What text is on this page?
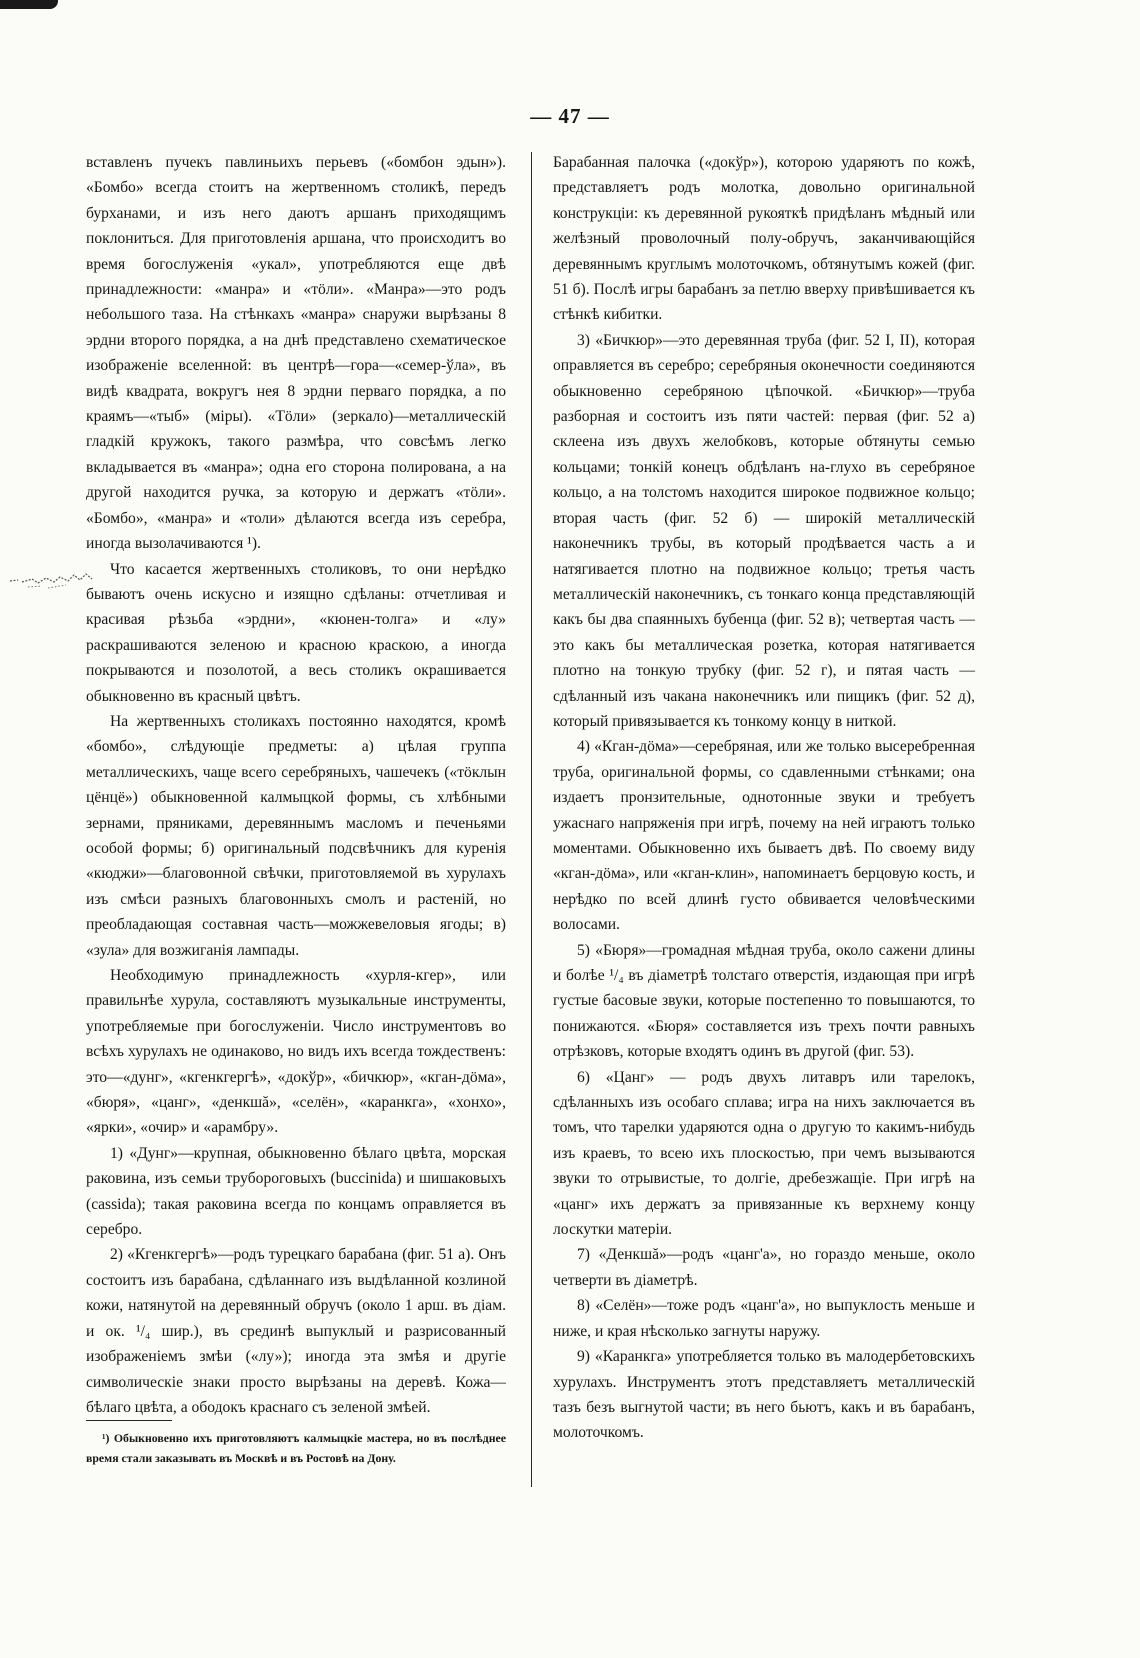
— 47 —

вставленъ пучекъ павлиньихъ перьевъ («бомбон эдын»). «Бомбо» всегда стоитъ на жертвенномъ столикѣ, передъ бурханами, и изъ него даютъ аршанъ приходящимъ поклониться. Для приготовленія аршана, что происходитъ во время богослуженія «укал», употребляются еще двѣ принадлежности: «манра» и «тöли». «Манра»—это родъ небольшого таза. На стѣнкахъ «манра» снаружи вырѣзаны 8 эрдни второго порядка, а на днѣ представлено схематическое изображеніе вселенной: въ центрѣ—гора—«семер-ўла», въ видѣ квадрата, вокругъ нея 8 эрдни перваго порядка, а по краямъ—«тыб» (міры). «Тöли» (зеркало)—металлическій гладкій кружокъ, такого размѣра, что совсѣмъ легко вкладывается въ «манра»; одна его сторона полирована, а на другой находится ручка, за которую и держатъ «тöли». «Бомбо», «манра» и «толи» дѣлаются всегда изъ серебра, иногда вызолачиваются ¹).

Что касается жертвенныхъ столиковъ, то они нерѣдко бываютъ очень искусно и изящно сдѣланы: отчетливая и красивая рѣзьба «эрдни», «кюнен-толга» и «лу» раскрашиваются зеленою и красною краскою, а иногда покрываются и позолотой, а весь столикъ окрашивается обыкновенно въ красный цвѣтъ.

На жертвенныхъ столикахъ постоянно находятся, кромѣ «бомбо», слѣдующіе предметы: а) цѣлая группа металлическихъ, чаще всего серебряныхъ, чашечекъ («тöклын цёнцё») обыкновенной калмыцкой формы, съ хлѣбными зернами, пряниками, деревяннымъ масломъ и печеньями особой формы; б) оригинальный подсвѣчникъ для куренія «кюджи»—благовонной свѣчки, приготовляемой въ хурулахъ изъ смѣси разныхъ благовонныхъ смолъ и растеній, но преобладающая составная часть—можжевеловыя ягоды; в) «зула» для возжиганія лампады.

Необходимую принадлежность «хурля-кгер», или правильнѣе хурула, составляютъ музыкальные инструменты, употребляемые при богослуженіи. Число инструментовъ во всѣхъ хурулахъ не одинаково, но видъ ихъ всегда тождественъ: это—«дунг», «кгенкгергѣ», «докўр», «бичкюр», «кган-дöма», «бюря», «цанг», «денкшă», «селён», «каранкга», «хонхо», «ярки», «очир» и «арамбру».

1) «Дунг»—крупная, обыкновенно бѣлаго цвѣта, морская раковина, изъ семьи трубороговыхъ (buccinida) и шишаковыхъ (cassida); такая раковина всегда по концамъ оправляется въ серебро.

2) «Кгенкгергѣ»—родъ турецкаго барабана (фиг. 51 а). Онъ состоитъ изъ барабана, сдѣланнаго изъ выдѣланной козлиной кожи, натянутой на деревянный обручъ (около 1 арш. въ діам. и ок. ¹/₄ шир.), въ срединѣ выпуклый и разрисованный изображеніемъ змѣи («лу»); иногда эта змѣя и другіе символическіе знаки просто вырѣзаны на деревѣ. Кожа—бѣлаго цвѣта, а ободокъ краснаго съ зеленой змѣей.

Барабанная палочка («докўр»), которою ударяютъ по кожѣ, представляетъ родъ молотка, довольно оригинальной конструкціи: къ деревянной рукояткѣ придѣланъ мѣдный или желѣзный проволочный полу-обручъ, заканчивающійся деревяннымъ круглымъ молоточкомъ, обтянутымъ кожей (фиг. 51 б). Послѣ игры барабанъ за петлю вверху привѣшивается къ стѣнкѣ кибитки.

3) «Бичкюр»—это деревянная труба (фиг. 52 I, II), которая оправляется въ серебро; серебряныя оконечности соединяются обыкновенно серебряною цѣпочкой. «Бичкюр»—труба разборная и состоитъ изъ пяти частей: первая (фиг. 52 а) склеена изъ двухъ желобковъ, которые обтянуты семью кольцами; тонкій конецъ обдѣланъ на-глухо въ серебряное кольцо, а на толстомъ находится широкое подвижное кольцо; вторая часть (фиг. 52 б) — широкій металлическій наконечникъ трубы, въ который продѣвается часть а и натягивается плотно на подвижное кольцо; третья часть металлическій наконечникъ, съ тонкаго конца представляющій какъ бы два спаянныхъ бубенца (фиг. 52 в); четвертая часть — это какъ бы металлическая розетка, которая натягивается плотно на тонкую трубку (фиг. 52 г), и пятая часть — сдѣланный изъ чакана наконечникъ или пищикъ (фиг. 52 д), который привязывается къ тонкому концу в ниткой.

4) «Кган-дöма»—серебряная, или же только высеребренная труба, оригинальной формы, со сдавленными стѣнками; она издаетъ пронзительные, однотонные звуки и требуетъ ужаснаго напряженія при игрѣ, почему на ней играютъ только моментами. Обыкновенно ихъ бываетъ двѣ. По своему виду «кган-дöма», или «кган-клин», напоминаетъ берцовую кость, и нерѣдко по всей длинѣ густо обвивается человѣческими волосами.

5) «Бюря»—громадная мѣдная труба, около сажени длины и болѣе ¹/₄ въ діаметрѣ толстаго отверстія, издающая при игрѣ густые басовые звуки, которые постепенно то повышаются, то понижаются. «Бюря» составляется изъ трехъ почти равныхъ отрѣзковъ, которые входятъ одинъ въ другой (фиг. 53).

6) «Цанг» — родъ двухъ литавръ или тарелокъ, сдѣланныхъ изъ особаго сплава; игра на нихъ заключается въ томъ, что тарелки ударяются одна о другую то какимъ-нибудь изъ краевъ, то всею ихъ плоскостью, при чемъ вызываются звуки то отрывистые, то долгіе, дребезжащіе. При игрѣ на «цанг» ихъ держатъ за привязанные къ верхнему концу лоскутки матеріи.

7) «Денкшă»—родъ «цанг'а», но гораздо меньше, около четверти въ діаметрѣ.

8) «Селён»—тоже родъ «цанг'а», но выпуклость меньше и ниже, и края нѣсколько загнуты наружу.

9) «Каранкга» употребляется только въ малодербетовскихъ хурулахъ. Инструментъ этотъ представляетъ металлическій тазъ безъ выгнутой части; въ него бьютъ, какъ и въ барабанъ, молоточкомъ.

¹) Обыкновенно ихъ приготовляютъ калмыцкіе мастера, но въ послѣднее время стали заказывать въ Москвѣ и въ Ростовѣ на Дону.
